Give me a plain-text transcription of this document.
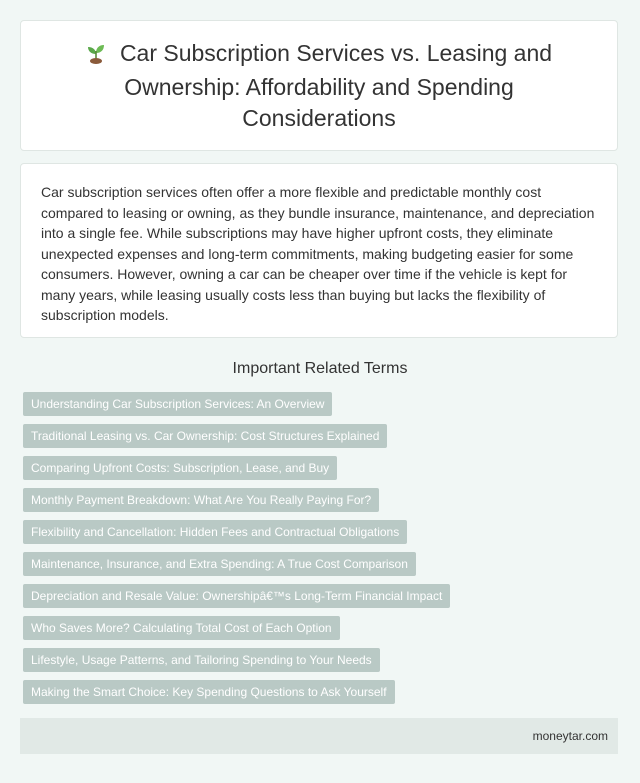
Car Subscription Services vs. Leasing and Ownership: Affordability and Spending Considerations

Car subscription services often offer a more flexible and predictable monthly cost compared to leasing or owning, as they bundle insurance, maintenance, and depreciation into a single fee. While subscriptions may have higher upfront costs, they eliminate unexpected expenses and long-term commitments, making budgeting easier for some consumers. However, owning a car can be cheaper over time if the vehicle is kept for many years, while leasing usually costs less than buying but lacks the flexibility of subscription models.

Important Related Terms
Understanding Car Subscription Services: An Overview
Traditional Leasing vs. Car Ownership: Cost Structures Explained
Comparing Upfront Costs: Subscription, Lease, and Buy
Monthly Payment Breakdown: What Are You Really Paying For?
Flexibility and Cancellation: Hidden Fees and Contractual Obligations
Maintenance, Insurance, and Extra Spending: A True Cost Comparison
Depreciation and Resale Value: Ownershipâ€™s Long-Term Financial Impact
Who Saves More? Calculating Total Cost of Each Option
Lifestyle, Usage Patterns, and Tailoring Spending to Your Needs
Making the Smart Choice: Key Spending Questions to Ask Yourself
moneytar.com
